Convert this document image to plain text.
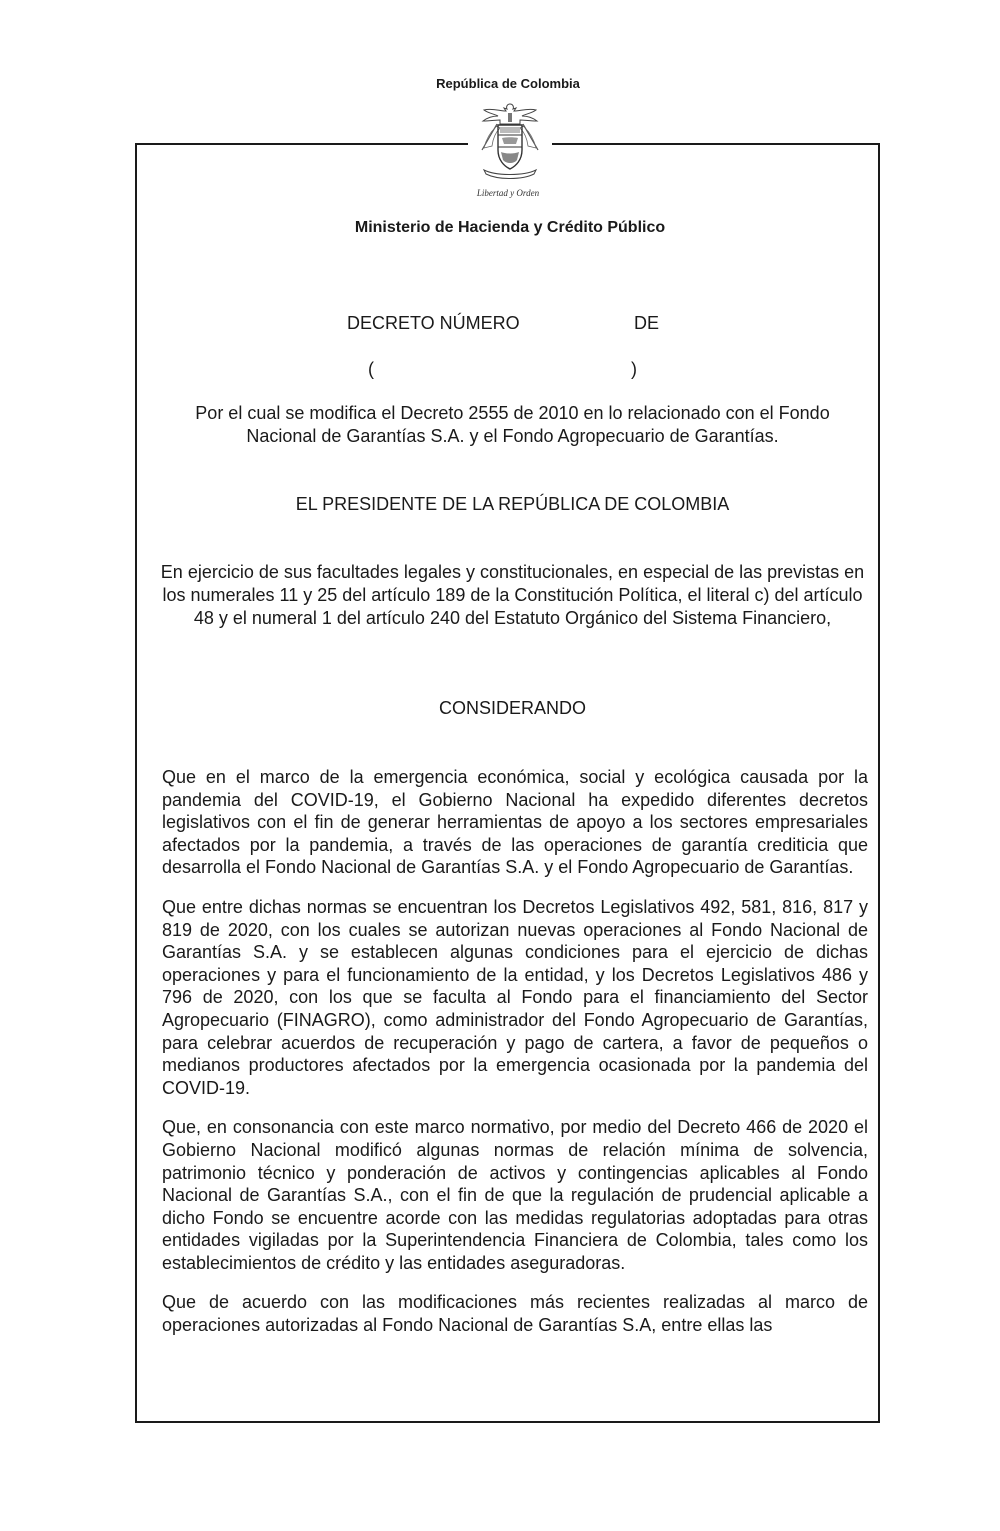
República de Colombia
Libertad y Orden
Ministerio de Hacienda y Crédito Público
DECRETO NÚMERO	DE
(	)
Por el cual se modifica el Decreto 2555 de 2010 en lo relacionado con el Fondo Nacional de Garantías S.A. y el Fondo Agropecuario de Garantías.
EL PRESIDENTE DE LA REPÚBLICA DE COLOMBIA
En ejercicio de sus facultades legales y constitucionales, en especial de las previstas en los numerales 11 y 25 del artículo 189 de la Constitución Política, el literal c) del artículo 48 y el numeral 1 del artículo 240 del Estatuto Orgánico del Sistema Financiero,
CONSIDERANDO

Que en el marco de la emergencia económica, social y ecológica causada por la pandemia del COVID-19, el Gobierno Nacional ha expedido diferentes decretos legislativos con el fin de generar herramientas de apoyo a los sectores empresariales afectados por la pandemia, a través de las operaciones de garantía crediticia que desarrolla el Fondo Nacional de Garantías S.A. y el Fondo Agropecuario de Garantías.

Que entre dichas normas se encuentran los Decretos Legislativos 492, 581, 816, 817 y 819 de 2020, con los cuales se autorizan nuevas operaciones al Fondo Nacional de Garantías S.A. y se establecen algunas condiciones para el ejercicio de dichas operaciones y para el funcionamiento de la entidad, y los Decretos Legislativos 486 y 796 de 2020, con los que se faculta al Fondo para el financiamiento del Sector Agropecuario (FINAGRO), como administrador del Fondo Agropecuario de Garantías, para celebrar acuerdos de recuperación y pago de cartera, a favor de pequeños o medianos productores afectados por la emergencia ocasionada por la pandemia del COVID-19.

Que, en consonancia con este marco normativo, por medio del Decreto 466 de 2020 el Gobierno Nacional modificó algunas normas de relación mínima de solvencia, patrimonio técnico y ponderación de activos y contingencias aplicables al Fondo Nacional de Garantías S.A., con el fin de que la regulación de prudencial aplicable a dicho Fondo se encuentre acorde con las medidas regulatorias adoptadas para otras entidades vigiladas por la Superintendencia Financiera de Colombia, tales como los establecimientos de crédito y las entidades aseguradoras.

Que de acuerdo con las modificaciones más recientes realizadas al marco de operaciones autorizadas al Fondo Nacional de Garantías S.A, entre ellas las
